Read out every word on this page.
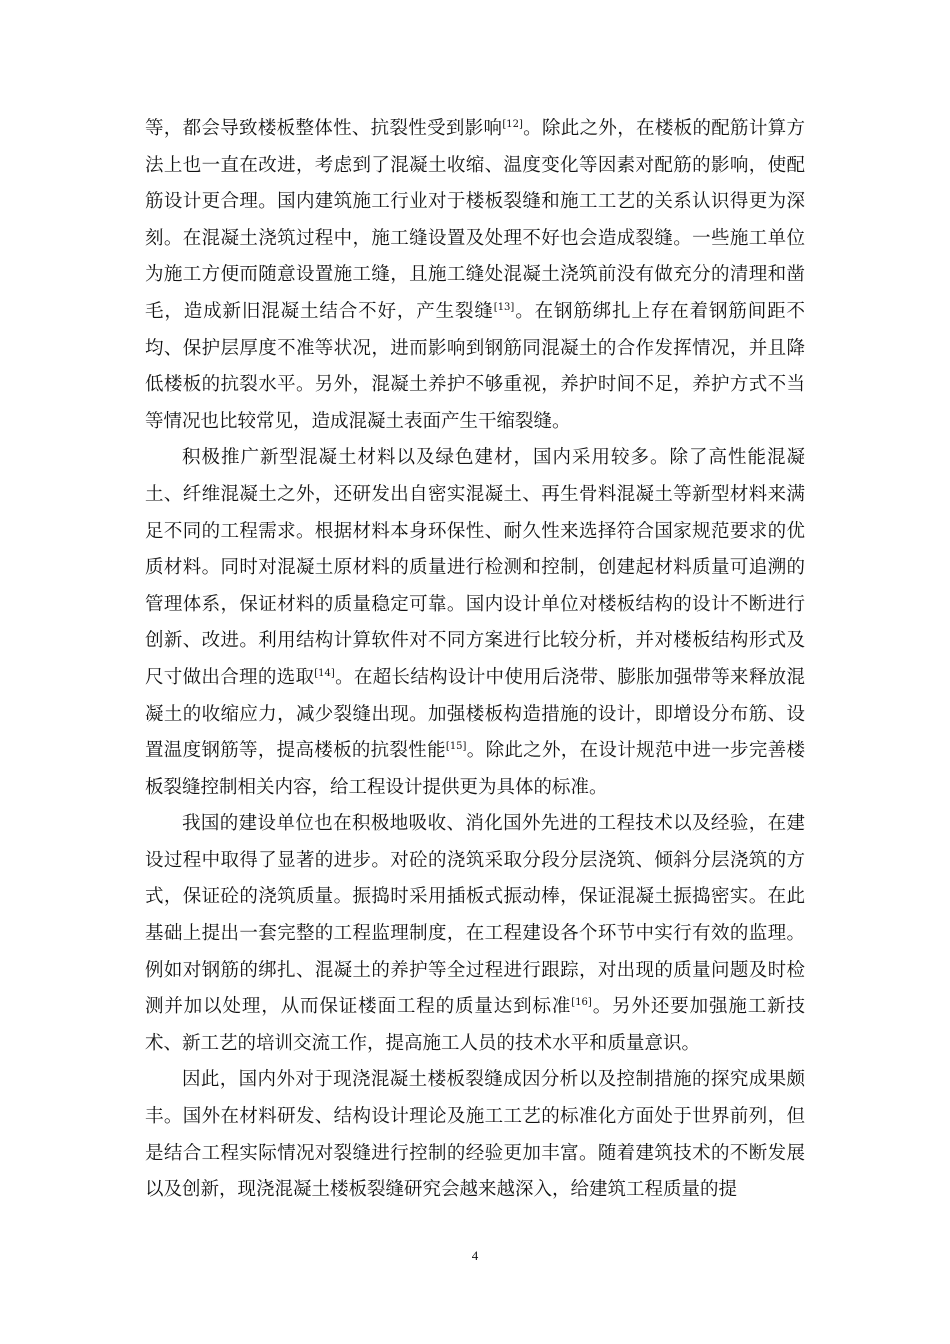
等，都会导致楼板整体性、抗裂性受到影响[12]。除此之外，在楼板的配筋计算方法上也一直在改进，考虑到了混凝土收缩、温度变化等因素对配筋的影响，使配筋设计更合理。国内建筑施工行业对于楼板裂缝和施工工艺的关系认识得更为深刻。在混凝土浇筑过程中，施工缝设置及处理不好也会造成裂缝。一些施工单位为施工方便而随意设置施工缝，且施工缝处混凝土浇筑前没有做充分的清理和凿毛，造成新旧混凝土结合不好，产生裂缝[13]。在钢筋绑扎上存在着钢筋间距不均、保护层厚度不准等状况，进而影响到钢筋同混凝土的合作发挥情况，并且降低楼板的抗裂水平。另外，混凝土养护不够重视，养护时间不足，养护方式不当等情况也比较常见，造成混凝土表面产生干缩裂缝。

积极推广新型混凝土材料以及绿色建材，国内采用较多。除了高性能混凝土、纤维混凝土之外，还研发出自密实混凝土、再生骨料混凝土等新型材料来满足不同的工程需求。根据材料本身环保性、耐久性来选择符合国家规范要求的优质材料。同时对混凝土原材料的质量进行检测和控制，创建起材料质量可追溯的管理体系，保证材料的质量稳定可靠。国内设计单位对楼板结构的设计不断进行创新、改进。利用结构计算软件对不同方案进行比较分析，并对楼板结构形式及尺寸做出合理的选取[14]。在超长结构设计中使用后浇带、膨胀加强带等来释放混凝土的收缩应力，减少裂缝出现。加强楼板构造措施的设计，即增设分布筋、设置温度钢筋等，提高楼板的抗裂性能[15]。除此之外，在设计规范中进一步完善楼板裂缝控制相关内容，给工程设计提供更为具体的标准。

我国的建设单位也在积极地吸收、消化国外先进的工程技术以及经验，在建设过程中取得了显著的进步。对砼的浇筑采取分段分层浇筑、倾斜分层浇筑的方式，保证砼的浇筑质量。振捣时采用插板式振动棒，保证混凝土振捣密实。在此基础上提出一套完整的工程监理制度，在工程建设各个环节中实行有效的监理。例如对钢筋的绑扎、混凝土的养护等全过程进行跟踪，对出现的质量问题及时检测并加以处理，从而保证楼面工程的质量达到标准[16]。另外还要加强施工新技术、新工艺的培训交流工作，提高施工人员的技术水平和质量意识。

因此，国内外对于现浇混凝土楼板裂缝成因分析以及控制措施的探究成果颇丰。国外在材料研发、结构设计理论及施工工艺的标准化方面处于世界前列，但是结合工程实际情况对裂缝进行控制的经验更加丰富。随着建筑技术的不断发展以及创新，现浇混凝土楼板裂缝研究会越来越深入，给建筑工程质量的提

4
